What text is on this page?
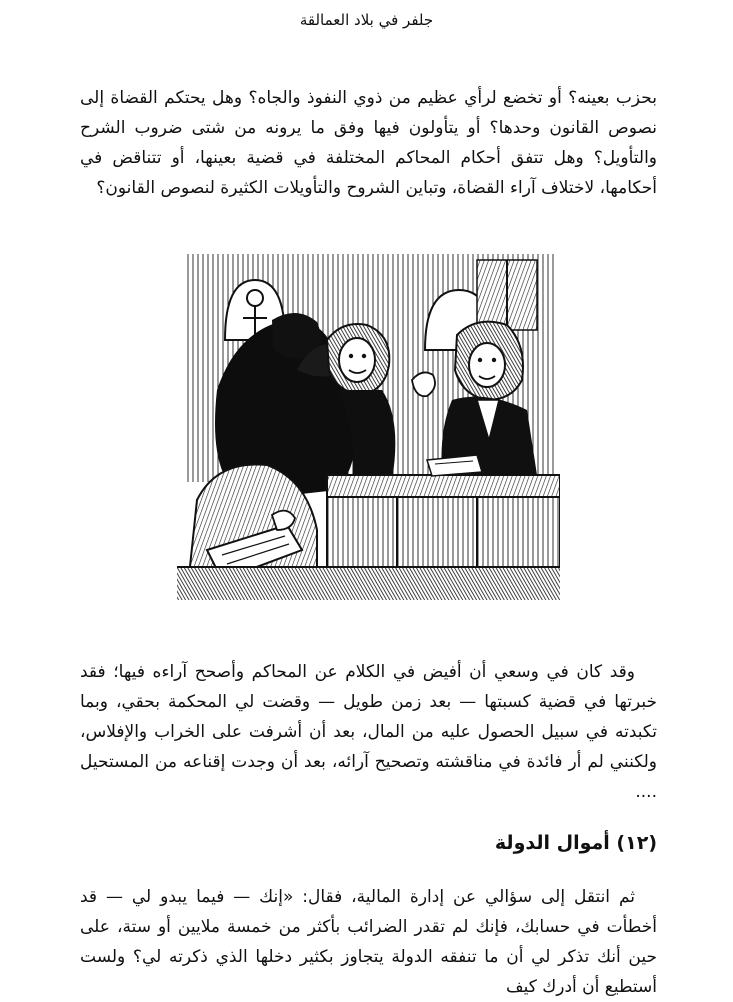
جلفر في بلاد العمالقة

بحزب بعينه؟ أو تخضع لرأي عظيم من ذوي النفوذ والجاه؟ وهل يحتكم القضاة إلى نصوص القانون وحدها؟ أو يتأولون فيها وفق ما يرونه من شتى ضروب الشرح والتأويل؟ وهل تتفق أحكام المحاكم المختلفة في قضية بعينها، أو تتناقض في أحكامها، لاختلاف آراء القضاة، وتباين الشروح والتأويلات الكثيرة لنصوص القانون؟

وقد كان في وسعي أن أفيض في الكلام عن المحاكم وأصحح آراءه فيها؛ فقد خبرتها في قضية كسبتها — بعد زمن طويل — وقضت لي المحكمة بحقي، وبما تكبدته في سبيل الحصول عليه من المال، بعد أن أشرفت على الخراب والإفلاس، ولكنني لم أر فائدة في مناقشته وتصحيح آرائه، بعد أن وجدت إقناعه من المستحيل ....

(١٢) أموال الدولة

ثم انتقل إلى سؤالي عن إدارة المالية، فقال: «إنك — فيما يبدو لي — قد أخطأت في حسابك، فإنك لم تقدر الضرائب بأكثر من خمسة ملايين أو ستة، على حين أنك تذكر لي أن ما تنفقه الدولة يتجاوز بكثير دخلها الذي ذكرته لي؟ ولست أستطيع أن أدرك كيف
